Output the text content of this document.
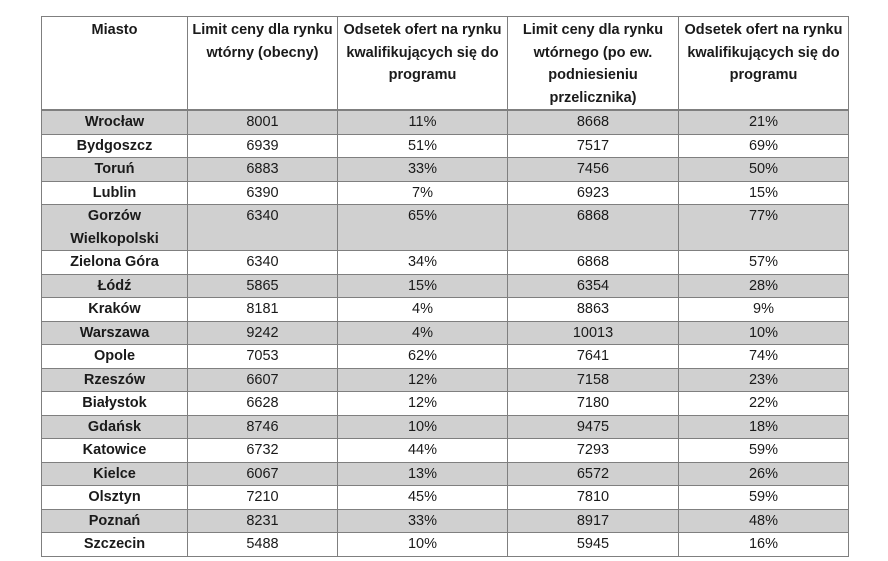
Miasto	Limit ceny dla rynku wtórny (obecny)	Odsetek ofert na rynku kwalifikujących się do programu	Limit ceny dla rynku wtórnego (po ew. podniesieniu przelicznika)	Odsetek ofert na rynku kwalifikujących się do programu
Wrocław	8001	11%	8668	21%
Bydgoszcz	6939	51%	7517	69%
Toruń	6883	33%	7456	50%
Lublin	6390	7%	6923	15%
Gorzów Wielkopolski	6340	65%	6868	77%
Zielona Góra	6340	34%	6868	57%
Łódź	5865	15%	6354	28%
Kraków	8181	4%	8863	9%
Warszawa	9242	4%	10013	10%
Opole	7053	62%	7641	74%
Rzeszów	6607	12%	7158	23%
Białystok	6628	12%	7180	22%
Gdańsk	8746	10%	9475	18%
Katowice	6732	44%	7293	59%
Kielce	6067	13%	6572	26%
Olsztyn	7210	45%	7810	59%
Poznań	8231	33%	8917	48%
Szczecin	5488	10%	5945	16%
